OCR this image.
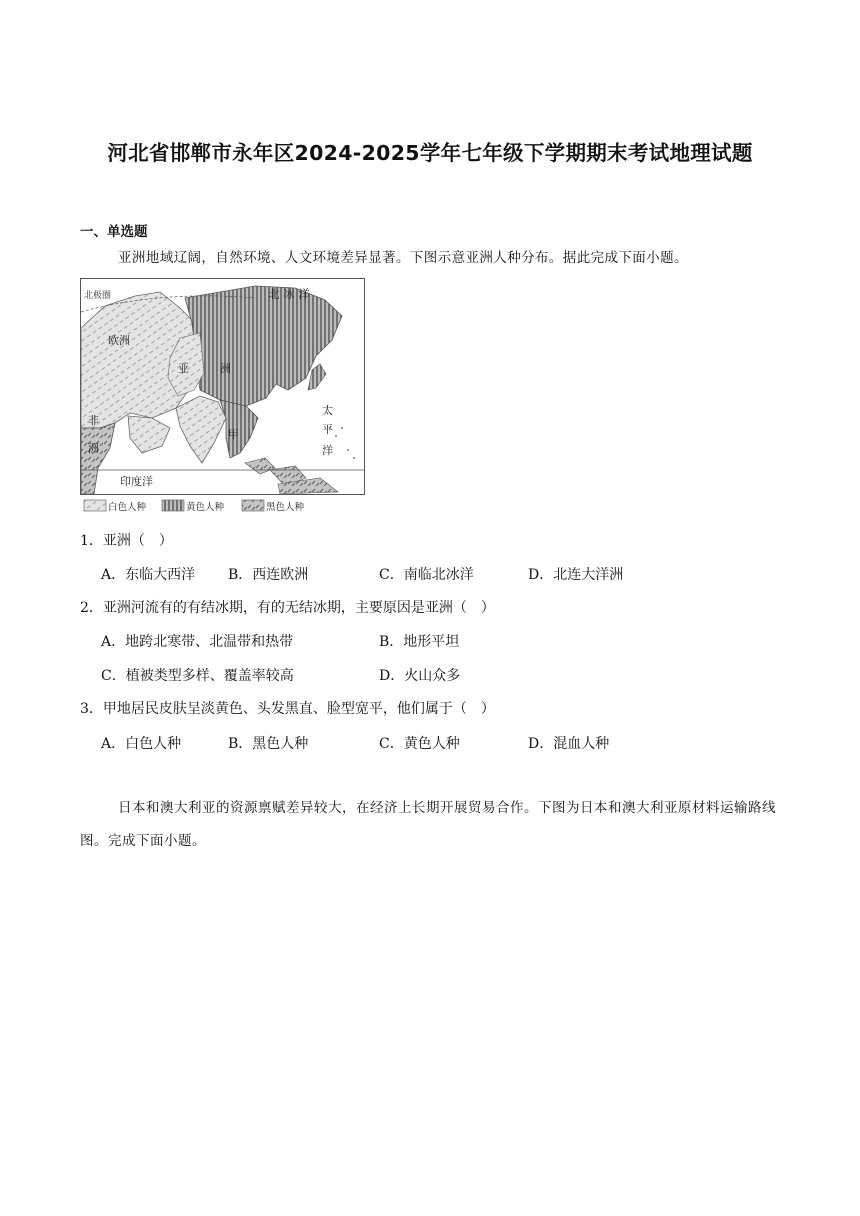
河北省邯郸市永年区2024-2025学年七年级下学期期末考试地理试题
一、单选题
亚洲地域辽阔，自然环境、人文环境差异显著。下图示意亚洲人种分布。据此完成下面小题。
北 冰 洋
北极圈
欧洲
亚	洲
非
洲
太
平
洋
甲
印度洋
白色人种	黄色人种	黑色人种
1．亚洲（　）
A．东临大西洋 B．西连欧洲	C．南临北冰洋	D．北连大洋洲
2．亚洲河流有的有结冰期，有的无结冰期，主要原因是亚洲（　）
A．地跨北寒带、北温带和热带	B．地形平坦
C．植被类型多样、覆盖率较高	D．火山众多
3．甲地居民皮肤呈淡黄色、头发黑直、脸型宽平，他们属于（　）
A．白色人种	B．黑色人种	C．黄色人种	D．混血人种
日本和澳大利亚的资源禀赋差异较大，在经济上长期开展贸易合作。下图为日本和澳大利亚原材料运输路线图。完成下面小题。
